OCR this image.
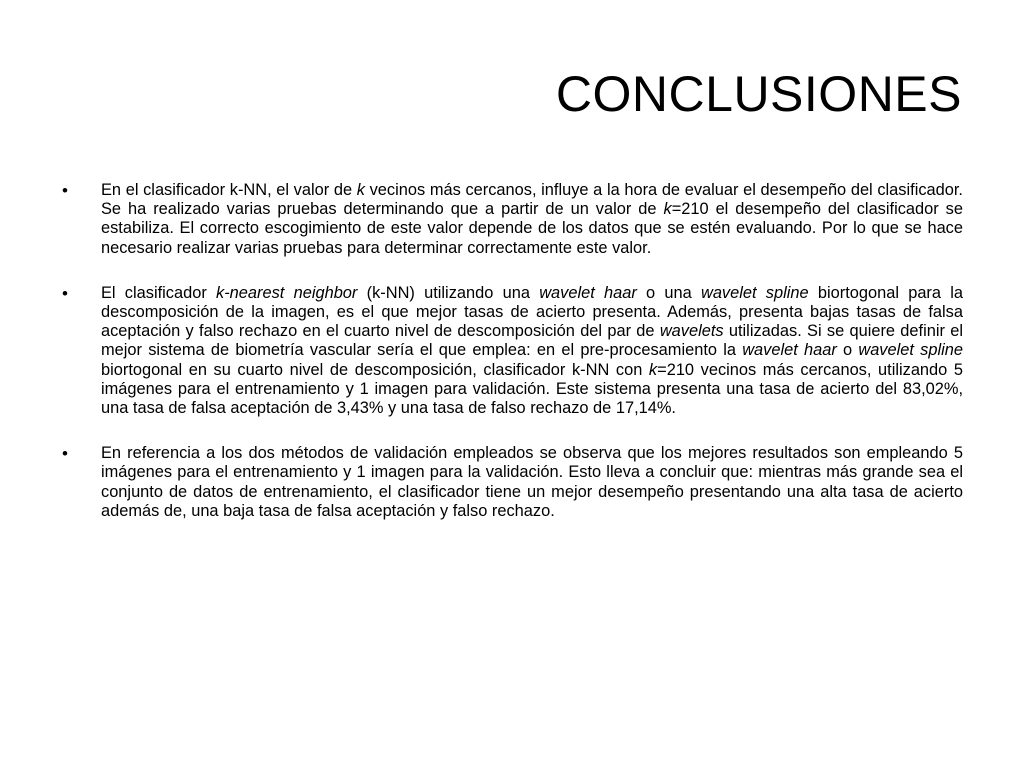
CONCLUSIONES
• En el clasificador k-NN, el valor de k vecinos más cercanos, influye a la hora de evaluar el desempeño del clasificador. Se ha realizado varias pruebas determinando que a partir de un valor de k=210 el desempeño del clasificador se estabiliza. El correcto escogimiento de este valor depende de los datos que se estén evaluando. Por lo que se hace necesario realizar varias pruebas para determinar correctamente este valor.

• El clasificador k-nearest neighbor (k-NN) utilizando una wavelet haar o una wavelet spline biortogonal para la descomposición de la imagen, es el que mejor tasas de acierto presenta. Además, presenta bajas tasas de falsa aceptación y falso rechazo en el cuarto nivel de descomposición del par de wavelets utilizadas. Si se quiere definir el mejor sistema de biometría vascular sería el que emplea: en el pre-procesamiento la wavelet haar o wavelet spline biortogonal en su cuarto nivel de descomposición, clasificador k-NN con k=210 vecinos más cercanos, utilizando 5 imágenes para el entrenamiento y 1 imagen para validación. Este sistema presenta una tasa de acierto del 83,02%, una tasa de falsa aceptación de 3,43% y una tasa de falso rechazo de 17,14%.

• En referencia a los dos métodos de validación empleados se observa que los mejores resultados son empleando 5 imágenes para el entrenamiento y 1 imagen para la validación. Esto lleva a concluir que: mientras más grande sea el conjunto de datos de entrenamiento, el clasificador tiene un mejor desempeño presentando una alta tasa de acierto además de, una baja tasa de falsa aceptación y falso rechazo.
